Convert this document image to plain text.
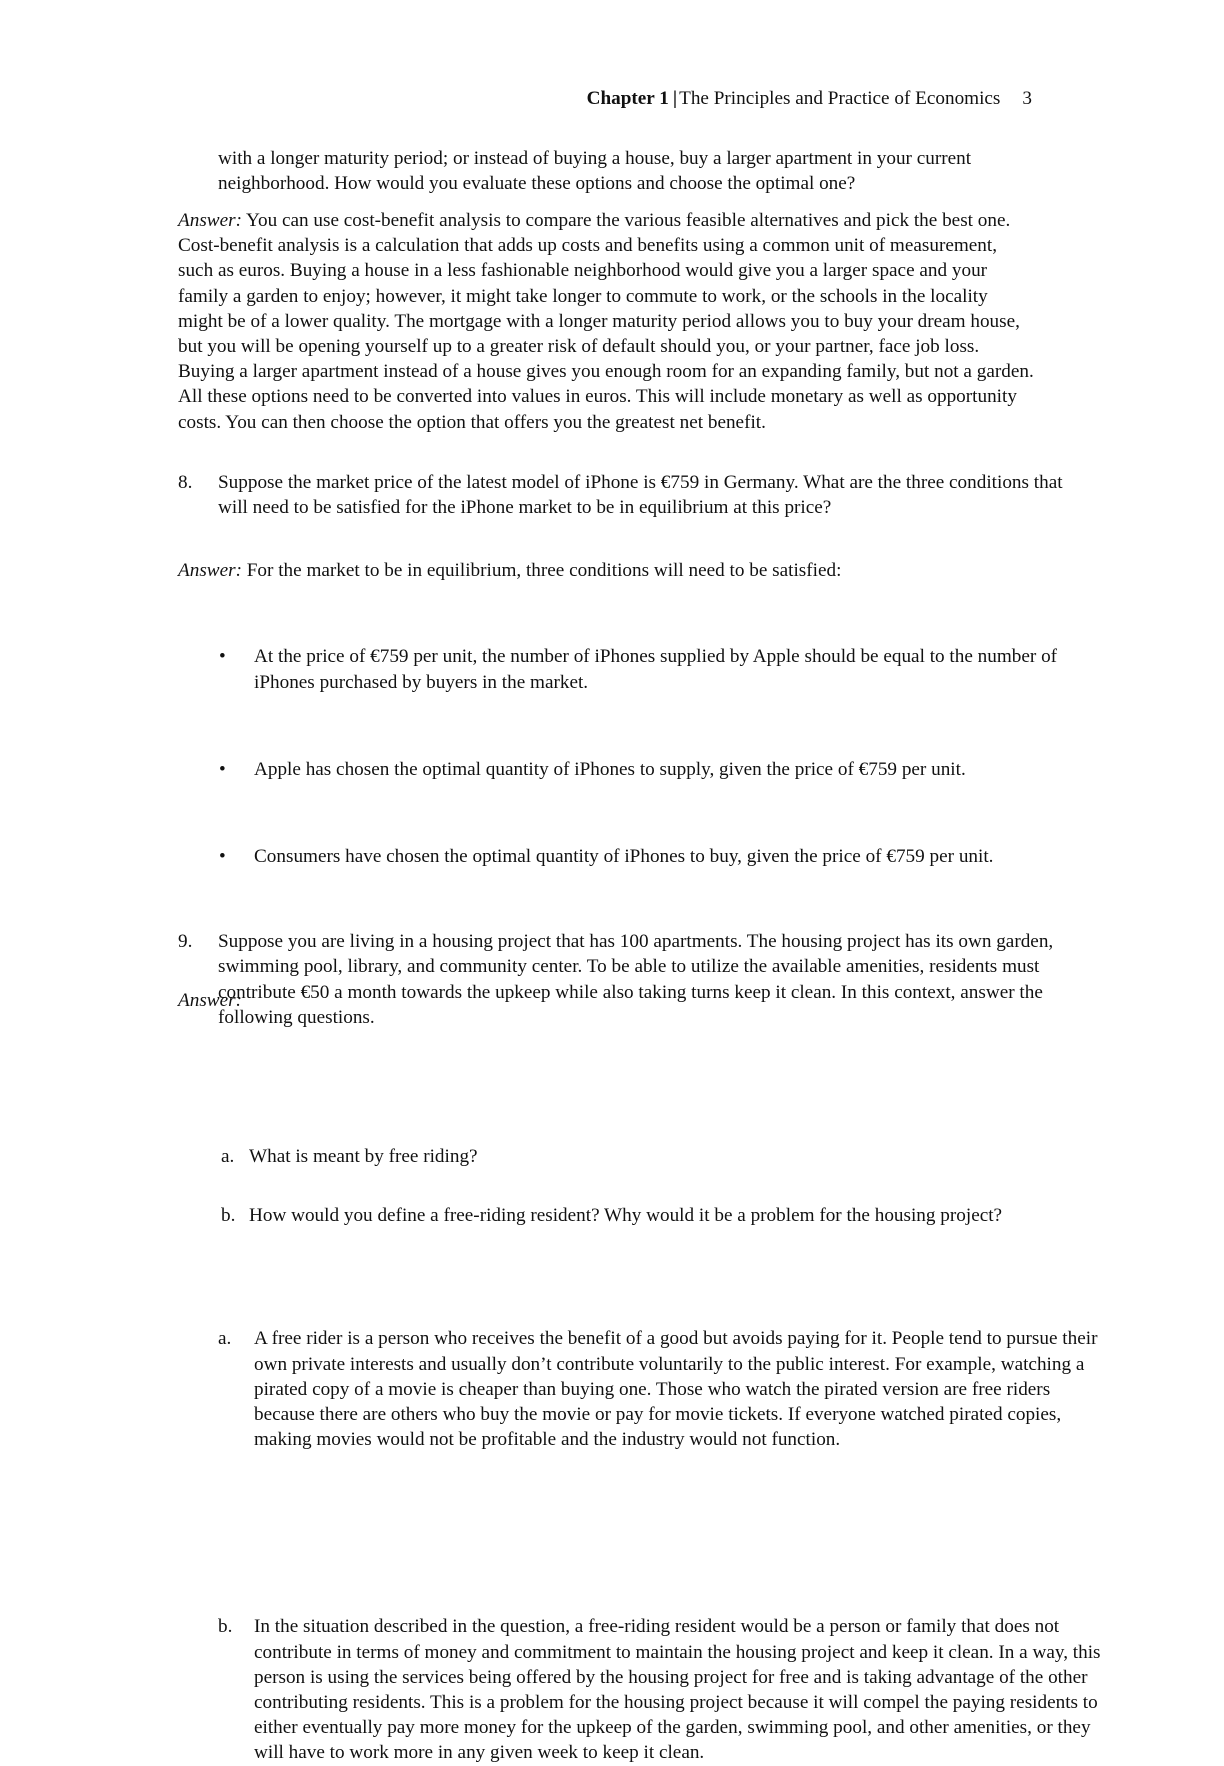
Chapter 1 | The Principles and Practice of Economics 3

with a longer maturity period; or instead of buying a house, buy a larger apartment in your current neighborhood. How would you evaluate these options and choose the optimal one?

Answer: You can use cost-benefit analysis to compare the various feasible alternatives and pick the best one. Cost-benefit analysis is a calculation that adds up costs and benefits using a common unit of measurement, such as euros. Buying a house in a less fashionable neighborhood would give you a larger space and your family a garden to enjoy; however, it might take longer to commute to work, or the schools in the locality might be of a lower quality. The mortgage with a longer maturity period allows you to buy your dream house, but you will be opening yourself up to a greater risk of default should you, or your partner, face job loss. Buying a larger apartment instead of a house gives you enough room for an expanding family, but not a garden. All these options need to be converted into values in euros. This will include monetary as well as opportunity costs. You can then choose the option that offers you the greatest net benefit.

8. Suppose the market price of the latest model of iPhone is €759 in Germany. What are the three conditions that will need to be satisfied for the iPhone market to be in equilibrium at this price?

Answer: For the market to be in equilibrium, three conditions will need to be satisfied:

• At the price of €759 per unit, the number of iPhones supplied by Apple should be equal to the number of iPhones purchased by buyers in the market.

• Apple has chosen the optimal quantity of iPhones to supply, given the price of €759 per unit.

• Consumers have chosen the optimal quantity of iPhones to buy, given the price of €759 per unit.

9. Suppose you are living in a housing project that has 100 apartments. The housing project has its own garden, swimming pool, library, and community center. To be able to utilize the available amenities, residents must contribute €50 a month towards the upkeep while also taking turns keep it clean. In this context, answer the following questions.

a. What is meant by free riding?

b. How would you define a free-riding resident? Why would it be a problem for the housing project?

Answer:
a. A free rider is a person who receives the benefit of a good but avoids paying for it. People tend to pursue their own private interests and usually don’t contribute voluntarily to the public interest. For example, watching a pirated copy of a movie is cheaper than buying one. Those who watch the pirated version are free riders because there are others who buy the movie or pay for movie tickets. If everyone watched pirated copies, making movies would not be profitable and the industry would not function.

b. In the situation described in the question, a free-riding resident would be a person or family that does not contribute in terms of money and commitment to maintain the housing project and keep it clean. In a way, this person is using the services being offered by the housing project for free and is taking advantage of the other contributing residents. This is a problem for the housing project because it will compel the paying residents to either eventually pay more money for the upkeep of the garden, swimming pool, and other amenities, or they will have to work more in any given week to keep it clean.
